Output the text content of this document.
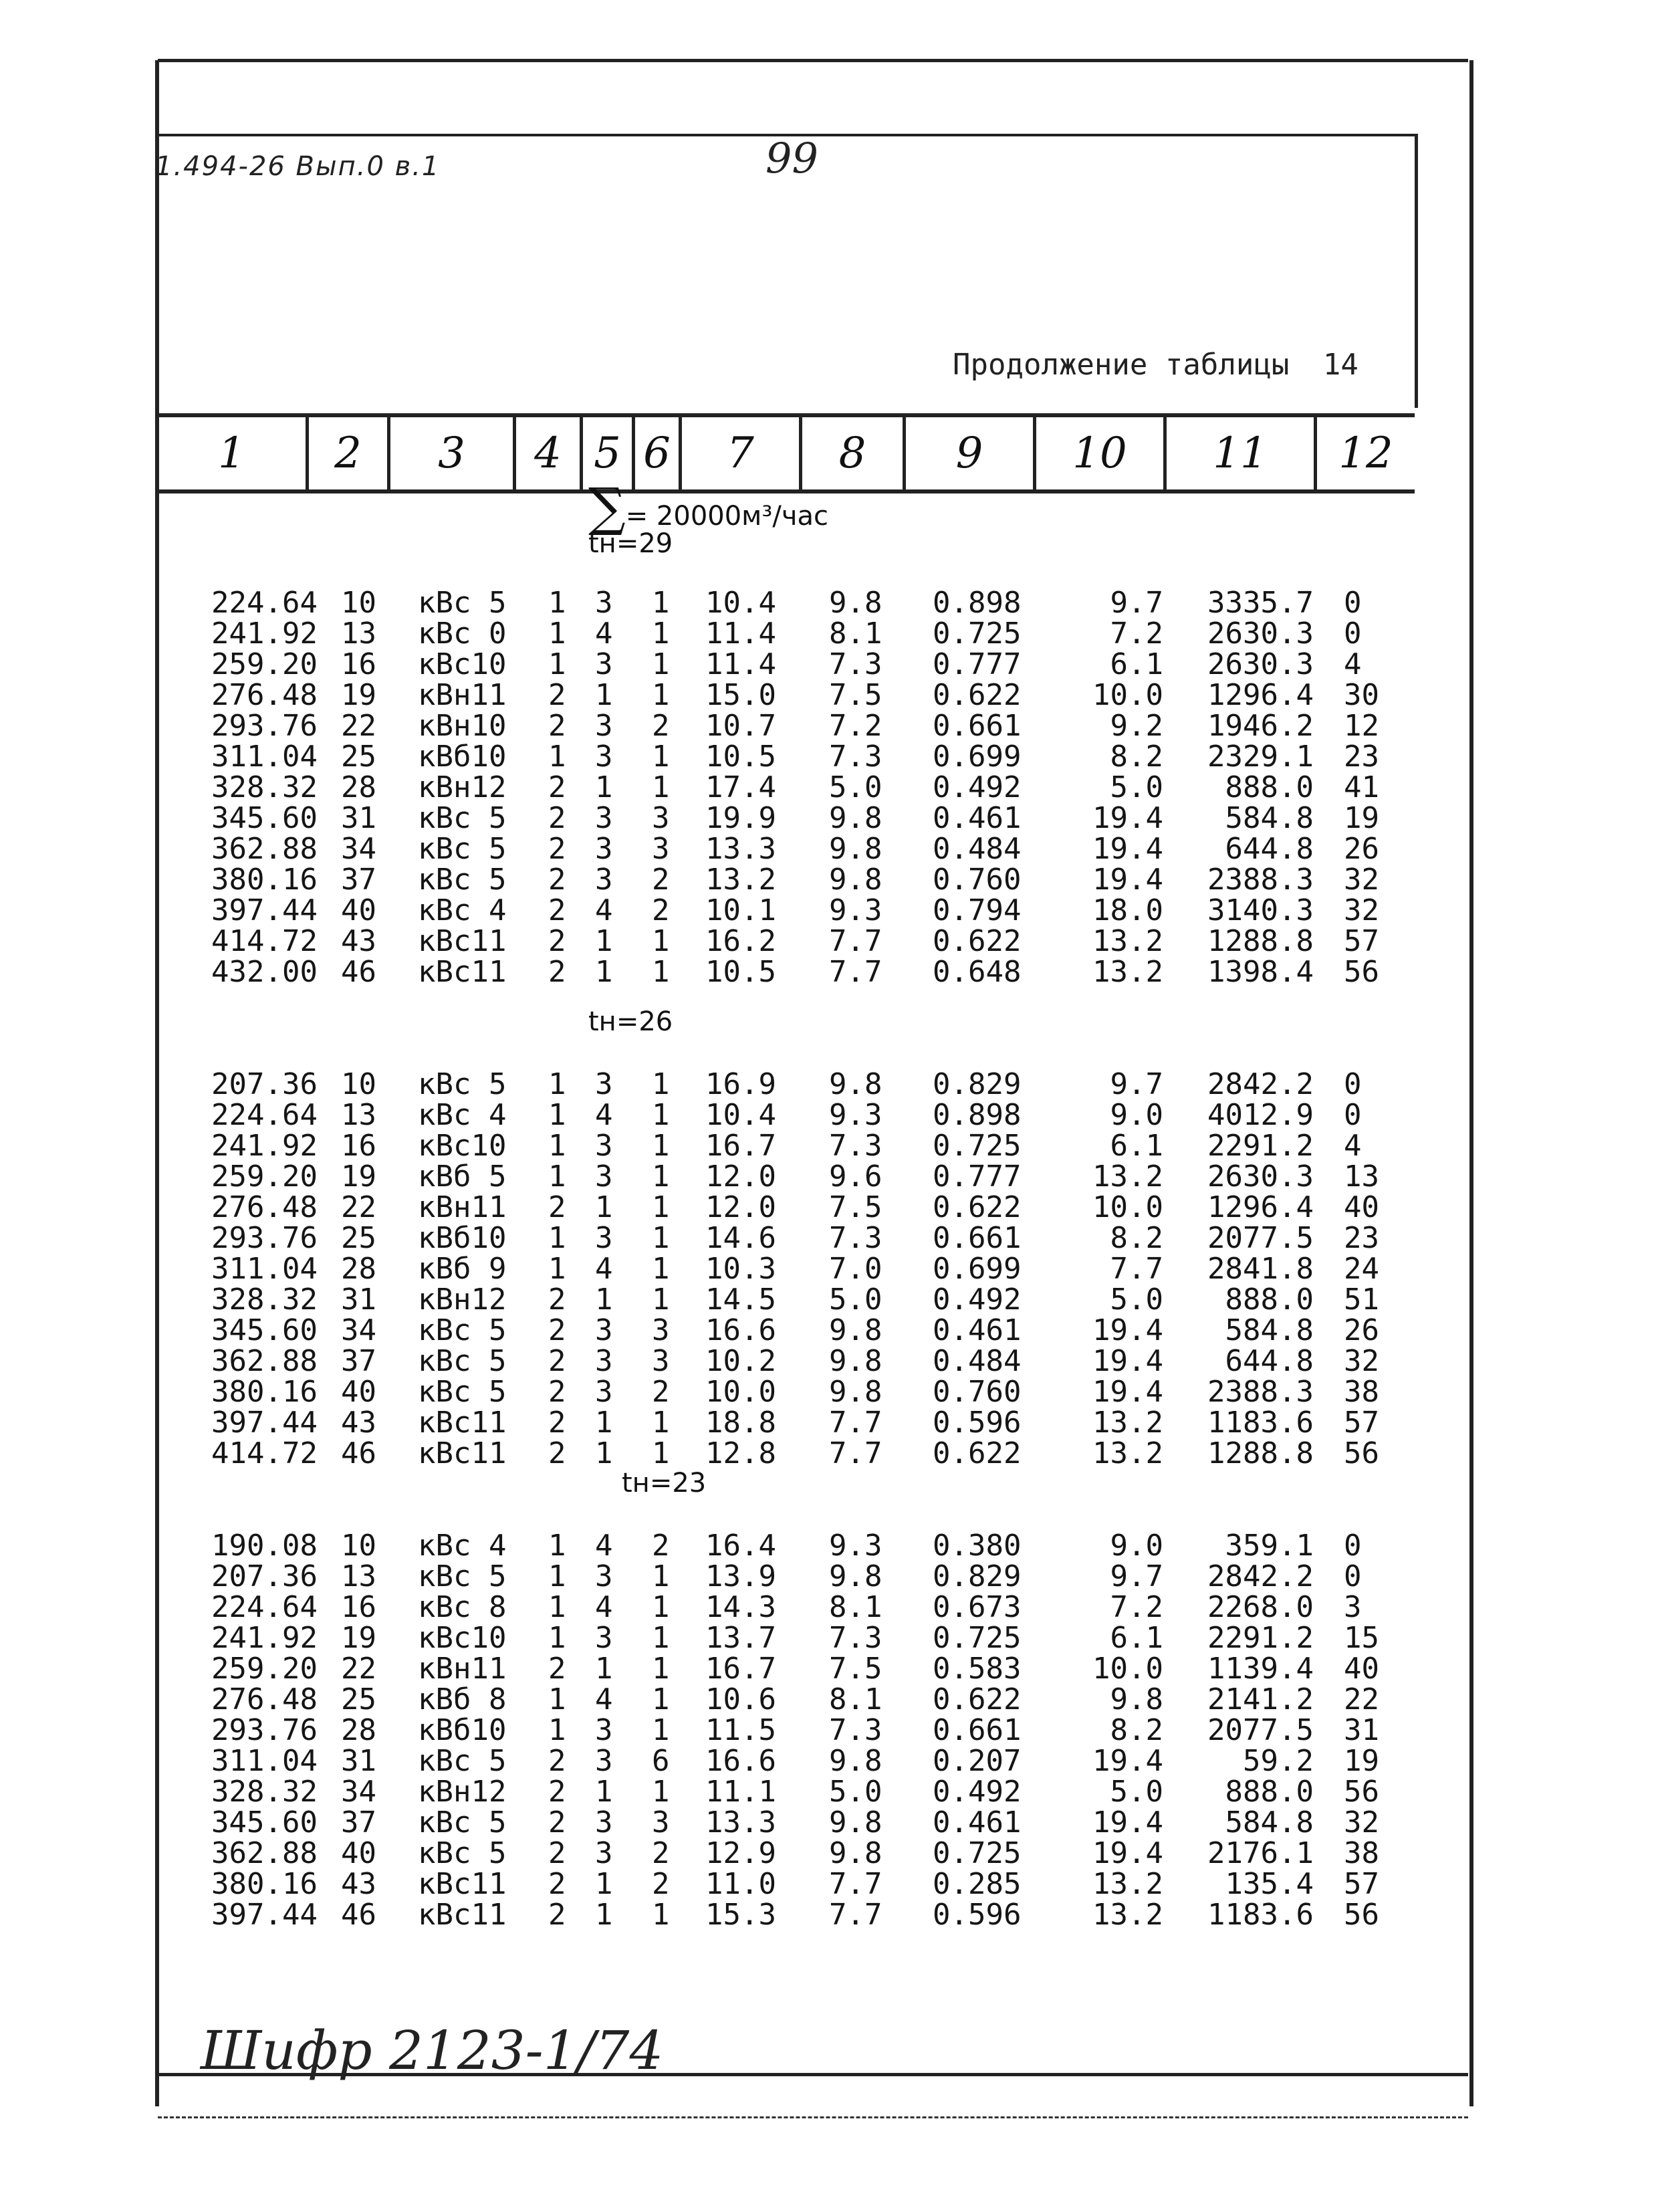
1.494-26 Вып.0 в.1	99
Продолжение таблицы 14
1	2	3	4 5 6	7	8	9	10	11	12
∑= 20000м³/час
tн=29
224.64 10	кВс 5	1 3	1	10.4	9.8	0.898	9.7	3335.7 0
241.92 13	кВс 0	1 4	1	11.4	8.1	0.725	7.2	2630.3 0
259.20 16	кВс10	1 3	1	11.4	7.3	0.777	6.1	2630.3 4
276.48 19	кВн11	2 1	1	15.0	7.5	0.622	10.0	1296.4 30
293.76 22	кВн10	2 3	2	10.7	7.2	0.661	9.2	1946.2 12
311.04 25	кВб10	1 3	1	10.5	7.3	0.699	8.2	2329.1 23
328.32 28	кВн12	2 1	1	17.4	5.0	0.492	5.0	888.0 41
345.60 31	кВс 5	2 3	3	19.9	9.8	0.461	19.4	584.8 19
362.88 34	кВс 5	2 3	3	13.3	9.8	0.484	19.4	644.8 26
380.16 37	кВс 5	2 3	2	13.2	9.8	0.760	19.4	2388.3 32
397.44 40	кВс 4	2 4	2	10.1	9.3	0.794	18.0	3140.3 32
414.72 43	кВс11	2 1	1	16.2	7.7	0.622	13.2	1288.8 57
432.00 46	кВс11	2 1	1	10.5	7.7	0.648	13.2	1398.4 56
tн=26
207.36 10	кВс 5	1 3	1	16.9	9.8	0.829	9.7	2842.2 0
224.64 13	кВс 4	1 4	1	10.4	9.3	0.898	9.0	4012.9 0
241.92 16	кВс10	1 3	1	16.7	7.3	0.725	6.1	2291.2 4
259.20 19	кВб 5	1 3	1	12.0	9.6	0.777	13.2	2630.3 13
276.48 22	кВн11	2 1	1	12.0	7.5	0.622	10.0	1296.4 40
293.76 25	кВб10	1 3	1	14.6	7.3	0.661	8.2	2077.5 23
311.04 28	кВб 9	1 4	1	10.3	7.0	0.699	7.7	2841.8 24
328.32 31	кВн12	2 1	1	14.5	5.0	0.492	5.0	888.0 51
345.60 34	кВс 5	2 3	3	16.6	9.8	0.461	19.4	584.8 26
362.88 37	кВс 5	2 3	3	10.2	9.8	0.484	19.4	644.8 32
380.16 40	кВс 5	2 3	2	10.0	9.8	0.760	19.4	2388.3 38
397.44 43	кВс11	2 1	1	18.8	7.7	0.596	13.2	1183.6 57
414.72 46	кВс11	2 1	1	12.8	7.7	0.622	13.2	1288.8 56
tн=23
190.08 10	кВс 4	1 4	2	16.4	9.3	0.380	9.0	359.1 0
207.36 13	кВс 5	1 3	1	13.9	9.8	0.829	9.7	2842.2 0
224.64 16	кВс 8	1 4	1	14.3	8.1	0.673	7.2	2268.0 3
241.92 19	кВс10	1 3	1	13.7	7.3	0.725	6.1	2291.2 15
259.20 22	кВн11	2 1	1	16.7	7.5	0.583	10.0	1139.4 40
276.48 25	кВб 8	1 4	1	10.6	8.1	0.622	9.8	2141.2 22
293.76 28	кВб10	1 3	1	11.5	7.3	0.661	8.2	2077.5 31
311.04 31	кВс 5	2 3	6	16.6	9.8	0.207	19.4	59.2 19
328.32 34	кВн12	2 1	1	11.1	5.0	0.492	5.0	888.0 56
345.60 37	кВс 5	2 3	3	13.3	9.8	0.461	19.4	584.8 32
362.88 40	кВс 5	2 3	2	12.9	9.8	0.725	19.4	2176.1 38
380.16 43	кВс11	2 1	2	11.0	7.7	0.285	13.2	135.4 57
397.44 46	кВс11	2 1	1	15.3	7.7	0.596	13.2	1183.6 56
Шифр 2123-1/74
